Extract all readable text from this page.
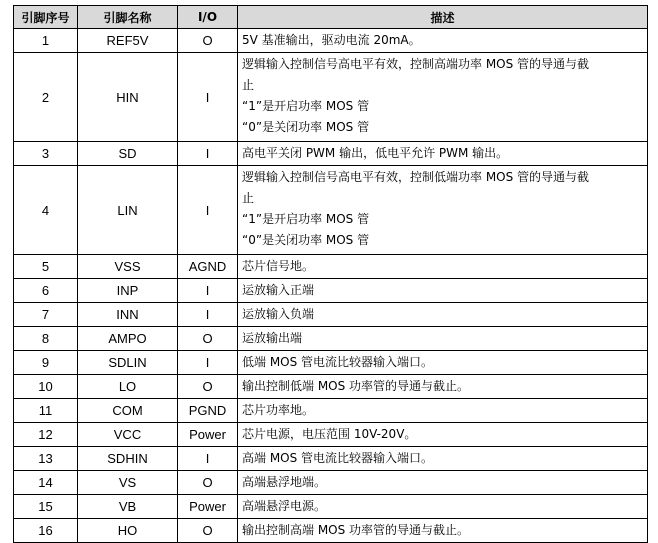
引脚序号	引脚名称	I/O	描述
1	REF5V	O	5V 基准输出，驱动电流 20mA。

2	HIN	I	逻辑输入控制信号高电平有效，控制高端功率 MOS 管的导通与截
止
“1”是开启功率 MOS 管
“0”是关闭功率 MOS 管

3	SD	I	高电平关闭 PWM 输出，低电平允许 PWM 输出。

4	LIN	I	逻辑输入控制信号高电平有效，控制低端功率 MOS 管的导通与截
止
“1”是开启功率 MOS 管
“0”是关闭功率 MOS 管

5	VSS	AGND	芯片信号地。

6	INP	I	运放输入正端

7	INN	I	运放输入负端

8	AMPO	O	运放输出端

9	SDLIN	I	低端 MOS 管电流比较器输入端口。

10	LO	O	输出控制低端 MOS 功率管的导通与截止。

11	COM	PGND	芯片功率地。

12	VCC	Power	芯片电源，电压范围 10V-20V。

13	SDHIN	I	高端 MOS 管电流比较器输入端口。

14	VS	O	高端悬浮地端。

15	VB	Power	高端悬浮电源。

16	HO	O	输出控制高端 MOS 功率管的导通与截止。
